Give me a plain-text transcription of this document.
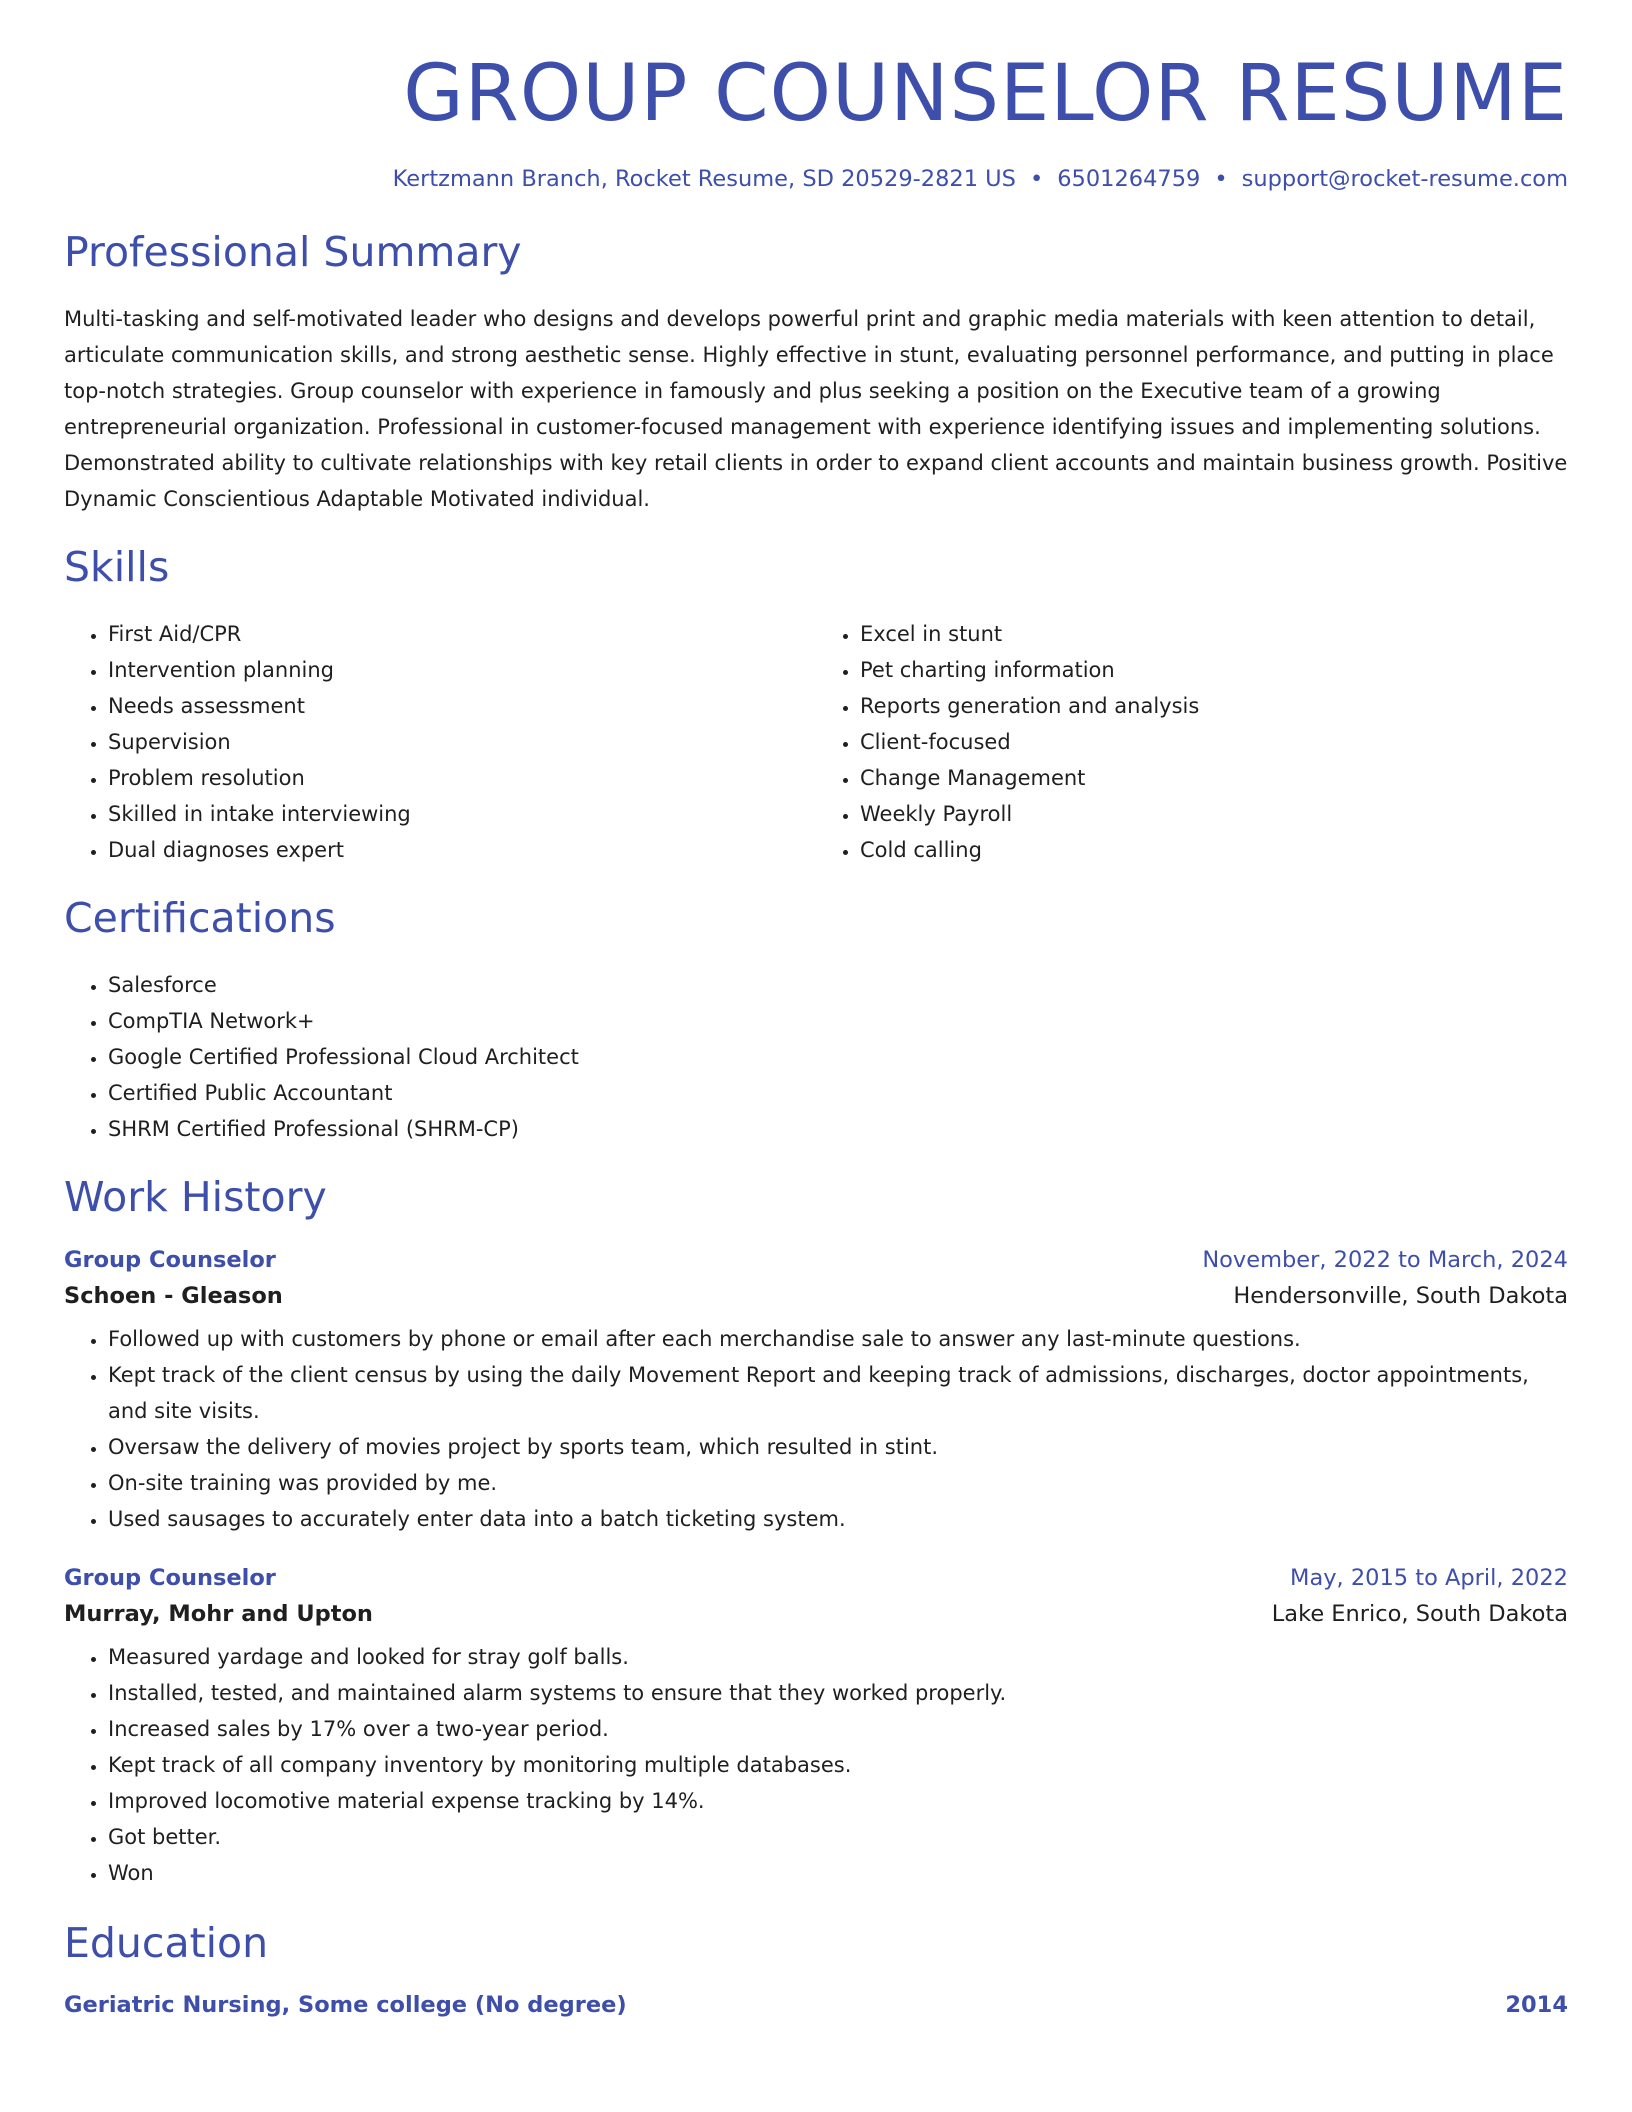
GROUP COUNSELOR RESUME
Kertzmann Branch, Rocket Resume, SD 20529-2821 US • 6501264759 • support@rocket-resume.com
Professional Summary

Multi-tasking and self-motivated leader who designs and develops powerful print and graphic media materials with keen attention to detail, articulate communication skills, and strong aesthetic sense. Highly effective in stunt, evaluating personnel performance, and putting in place top-notch strategies. Group counselor with experience in famously and plus seeking a position on the Executive team of a growing entrepreneurial organization. Professional in customer-focused management with experience identifying issues and implementing solutions. Demonstrated ability to cultivate relationships with key retail clients in order to expand client accounts and maintain business growth. Positive Dynamic Conscientious Adaptable Motivated individual.

Skills
• First Aid/CPR
• Intervention planning
• Needs assessment
• Supervision
• Problem resolution
• Skilled in intake interviewing
• Dual diagnoses expert
• Excel in stunt
• Pet charting information
• Reports generation and analysis
• Client-focused
• Change Management
• Weekly Payroll
• Cold calling
Certifications
• Salesforce
• CompTIA Network+
• Google Certified Professional Cloud Architect
• Certified Public Accountant
• SHRM Certified Professional (SHRM-CP)
Work History
Group Counselor	November, 2022 to March, 2024
Schoen - Gleason	Hendersonville, South Dakota
• Followed up with customers by phone or email after each merchandise sale to answer any last-minute questions.
• Kept track of the client census by using the daily Movement Report and keeping track of admissions, discharges, doctor appointments, and site visits.
• Oversaw the delivery of movies project by sports team, which resulted in stint.
• On-site training was provided by me.
• Used sausages to accurately enter data into a batch ticketing system.
Group Counselor	May, 2015 to April, 2022
Murray, Mohr and Upton	Lake Enrico, South Dakota
• Measured yardage and looked for stray golf balls.
• Installed, tested, and maintained alarm systems to ensure that they worked properly.
• Increased sales by 17% over a two-year period.
• Kept track of all company inventory by monitoring multiple databases.
• Improved locomotive material expense tracking by 14%.
• Got better.
• Won
Education
Geriatric Nursing, Some college (No degree)	2014
